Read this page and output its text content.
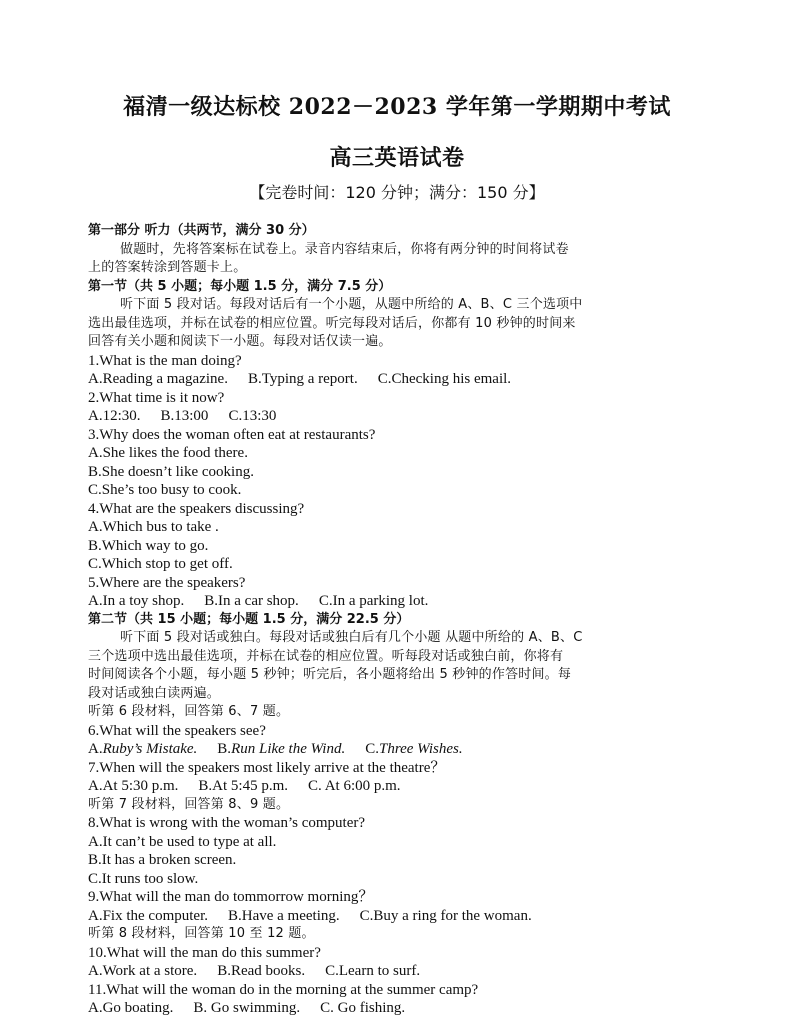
福清一级达标校 2022－2023 学年第一学期期中考试
高三英语试卷
【完卷时间：120 分钟；满分：150 分】
第一部分 听力（共两节，满分 30 分）
做题时，先将答案标在试卷上。录音内容结束后，你将有两分钟的时间将试卷
上的答案转涂到答题卡上。
第一节（共 5 小题；每小题 1.5 分，满分 7.5 分）
听下面 5 段对话。每段对话后有一个小题，从题中所给的 A、B、C 三个选项中
选出最佳选项，并标在试卷的相应位置。听完每段对话后，你都有 10 秒钟的时间来
回答有关小题和阅读下一小题。每段对话仅读一遍。
1.What is the man doing?
A.Reading a magazine. B.Typing a report. C.Checking his email.
2.What time is it now?
A.12:30. B.13:00 C.13:30
3.Why does the woman often eat at restaurants?
A.She likes the food there.
B.She doesn’t like cooking.
C.She’s too busy to cook.
4.What are the speakers discussing?
A.Which bus to take .
B.Which way to go.
C.Which stop to get off.
5.Where are the speakers?
A.In a toy shop. B.In a car shop. C.In a parking lot.
第二节（共 15 小题；每小题 1.5 分，满分 22.5 分）
听下面 5 段对话或独白。每段对话或独白后有几个小题 从题中所给的 A、B、C
三个选项中选出最佳选项，并标在试卷的相应位置。听每段对话或独白前，你将有
时间阅读各个小题，每小题 5 秒钟；听完后，各小题将给出 5 秒钟的作答时间。每
段对话或独白读两遍。
听第 6 段材料，回答第 6、7 题。
6.What will the speakers see?
A.Ruby’s Mistake. B.Run Like the Wind. C.Three Wishes.
7.When will the speakers most likely arrive at the theatre？
A.At 5:30 p.m. B.At 5:45 p.m. C. At 6:00 p.m.
听第 7 段材料，回答第 8、9 题。
8.What is wrong with the woman’s computer?
A.It can’t be used to type at all.
B.It has a broken screen.
C.It runs too slow.
9.What will the man do tommorrow morning？
A.Fix the computer. B.Have a meeting. C.Buy a ring for the woman.
听第 8 段材料，回答第 10 至 12 题。
10.What will the man do this summer?
A.Work at a store. B.Read books. C.Learn to surf.
11.What will the woman do in the morning at the summer camp?
A.Go boating. B. Go swimming. C. Go fishing.
